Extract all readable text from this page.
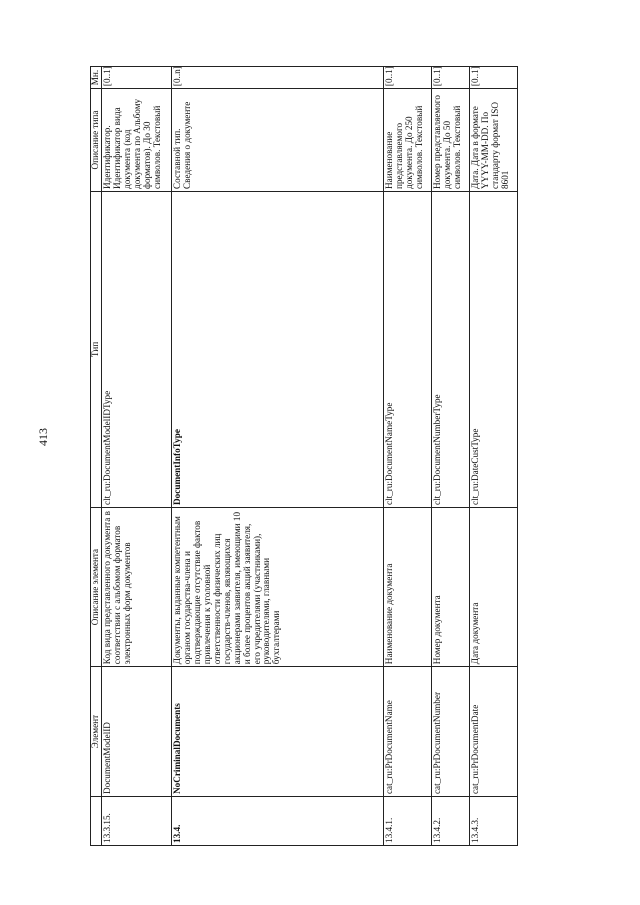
413
	Элемент	Описание элемента	Тип	Описание типа	Мн.
13.3.15.	DocumentModelID	Код вида представленного документа в соответствии с альбомом форматов электронных форм документов	clt_ru:DocumentModelIDType	Идентификатор. Идентификатор вида документа (код документа по Альбому форматов). До 30 символов. Текстовый	[0..1]
13.4.	NoCriminalDocuments	Документы, выданные компетентным органом государства-члена и подтверждающие отсутствие фактов привлечения к уголовной ответственности физических лиц государств-членов, являющихся акционерами заявителя, имеющими 10 и более процентов акций заявителя, его учредителями (участниками), руководителями, главными бухгалтерами	DocumentInfoType	Составной тип. Сведения о документе	[0..n]
13.4.1.	cat_ru:PrDocumentName	Наименование документа	clt_ru:DocumentNameType	Наименование представляемого документа. До 250 символов. Текстовый	[0..1]
13.4.2.	cat_ru:PrDocumentNumber	Номер документа	clt_ru:DocumentNumberType	Номер представляемого документа. До 50 символов. Текстовый	[0..1]
13.4.3.	cat_ru:PrDocumentDate	Дата документа	clt_ru:DateCustType	Дата. Дата в формате YYYY-MM-DD. По стандарту формат ISO 8601	[0..1]
